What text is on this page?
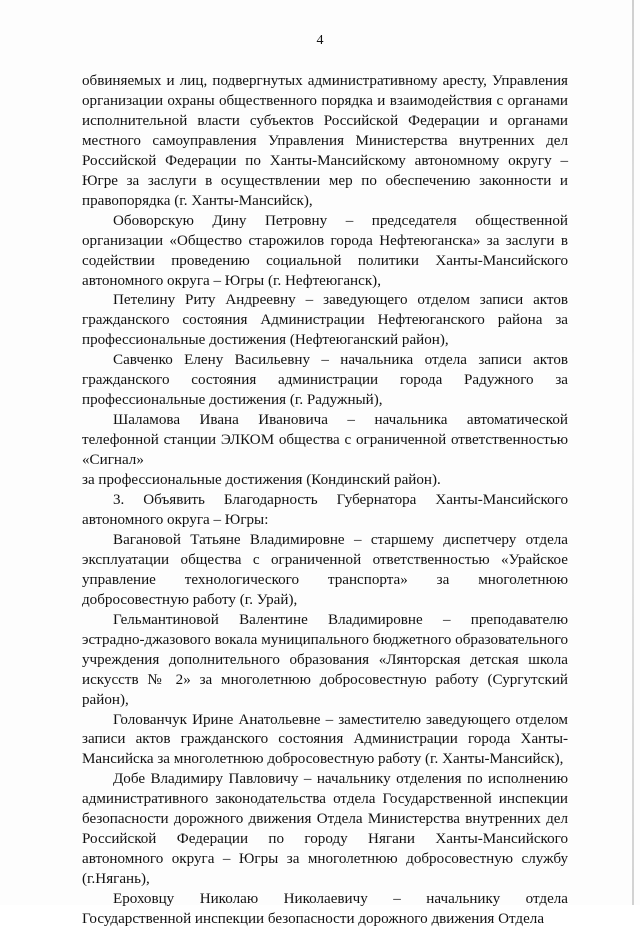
4

обвиняемых и лиц, подвергнутых административному аресту, Управления организации охраны общественного порядка и взаимодействия с органами исполнительной власти субъектов Российской Федерации и органами местного самоуправления Управления Министерства внутренних дел Российской Федерации по Ханты-Мансийскому автономному округу – Югре за заслуги в осуществлении мер по обеспечению законности и правопорядка (г. Ханты-Мансийск),

Обоворскую Дину Петровну – председателя общественной организации «Общество старожилов города Нефтеюганска» за заслуги в содействии проведению социальной политики Ханты-Мансийского автономного округа – Югры (г. Нефтеюганск),

Петелину Риту Андреевну – заведующего отделом записи актов гражданского состояния Администрации Нефтеюганского района за профессиональные достижения (Нефтеюганский район),

Савченко Елену Васильевну – начальника отдела записи актов гражданского состояния администрации города Радужного за профессиональные достижения (г. Радужный),

Шаламова Ивана Ивановича – начальника автоматической телефонной станции ЭЛКОМ общества с ограниченной ответственностью «Сигнал»

за профессиональные достижения (Кондинский район).

3. Объявить Благодарность Губернатора Ханты-Мансийского автономного округа – Югры:

Вагановой Татьяне Владимировне – старшему диспетчеру отдела эксплуатации общества с ограниченной ответственностью «Урайское управление технологического транспорта» за многолетнюю добросовестную работу (г. Урай),

Гельмантиновой Валентине Владимировне – преподавателю эстрадно-джазового вокала муниципального бюджетного образовательного учреждения дополнительного образования «Лянторская детская школа искусств № 2» за многолетнюю добросовестную работу (Сургутский район),

Голованчук Ирине Анатольевне – заместителю заведующего отделом записи актов гражданского состояния Администрации города Ханты-Мансийска за многолетнюю добросовестную работу (г. Ханты-Мансийск),

Добе Владимиру Павловичу – начальнику отделения по исполнению административного законодательства отдела Государственной инспекции безопасности дорожного движения Отдела Министерства внутренних дел Российской Федерации по городу Нягани Ханты-Мансийского автономного округа – Югры за многолетнюю добросовестную службу (г.Нягань),

Ероховцу Николаю Николаевичу – начальнику отдела Государственной инспекции безопасности дорожного движения Отдела
